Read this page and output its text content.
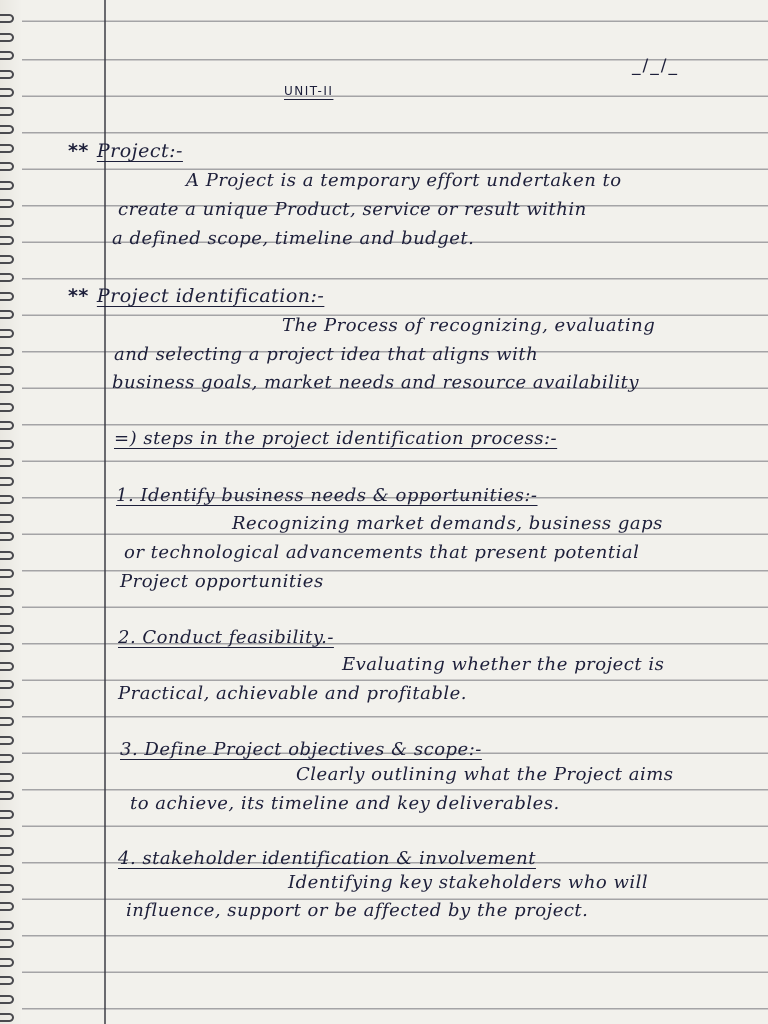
_/_/_
UNIT-II
** Project:-
A Project is a temporary effort undertaken to
create a unique Product, service or result within
a defined scope, timeline and budget.
** Project identification:-
The Process of recognizing, evaluating
and selecting a project idea that aligns with
business goals, market needs and resource availability
=) steps in the project identification process:-
1. Identify business needs & opportunities:-
Recognizing market demands, business gaps
or technological advancements that present potential
Project opportunities
2. Conduct feasibility.-
Evaluating whether the project is
Practical, achievable and profitable.
3. Define Project objectives & scope:-
Clearly outlining what the Project aims
to achieve, its timeline and key deliverables.
4. stakeholder identification & involvement
Identifying key stakeholders who will
influence, support or be affected by the project.
